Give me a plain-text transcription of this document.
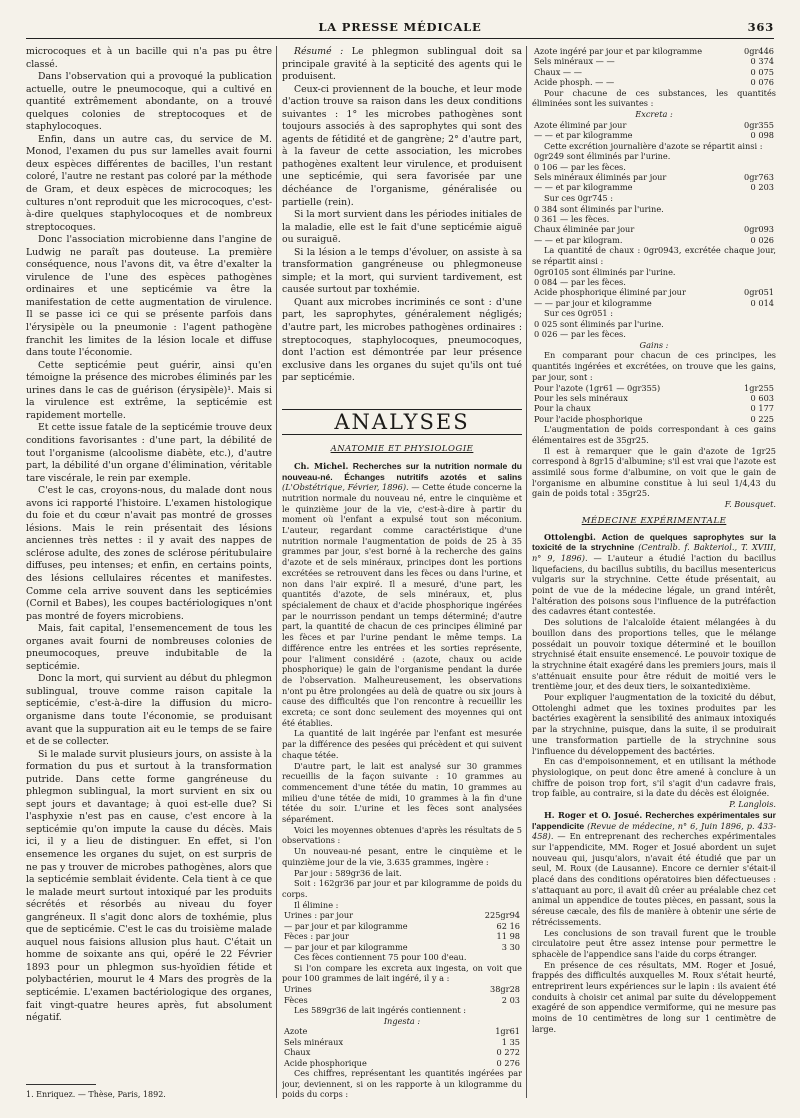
LA PRESSE MÉDICALE	363

microcoques et à un bacille qui n'a pas pu être classé.

Dans l'observation qui a provoqué la publication actuelle, outre le pneumocoque, qui a cultivé en quantité extrêmement abondante, on a trouvé quelques colonies de streptocoques et de staphylocoques.

Enfin, dans un autre cas, du service de M. Monod, l'examen du pus sur lamelles avait fourni deux espèces différentes de bacilles, l'un restant coloré, l'autre ne restant pas coloré par la méthode de Gram, et deux espèces de microcoques; les cultures n'ont reproduit que les microcoques, c'est-à-dire quelques staphylocoques et de nombreux streptocoques.

Donc l'association microbienne dans l'angine de Ludwig ne paraît pas douteuse. La première conséquence, nous l'avons dit, va être d'exalter la virulence de l'une des espèces pathogènes ordinaires et une septicémie va être la manifestation de cette augmentation de virulence. Il se passe ici ce qui se présente parfois dans l'érysipèle ou la pneumonie : l'agent pathogène franchit les limites de la lésion locale et diffuse dans toute l'économie.

Cette septicémie peut guérir, ainsi qu'en témoigne la présence des microbes éliminés par les urines dans le cas de guérison (érysipèle)¹. Mais si la virulence est extrême, la septicémie est rapidement mortelle.

Et cette issue fatale de la septicémie trouve deux conditions favorisantes : d'une part, la débilité de tout l'organisme (alcoolisme diabète, etc.), d'autre part, la débilité d'un organe d'élimination, véritable tare viscérale, le rein par exemple.

C'est le cas, croyons-nous, du malade dont nous avons ici rapporté l'histoire. L'examen histologique du foie et du cœur n'avait pas montré de grosses lésions. Mais le rein présentait des lésions anciennes très nettes : il y avait des nappes de sclérose adulte, des zones de sclérose péritubulaire diffuses, peu intenses; et enfin, en certains points, des lésions cellulaires récentes et manifestes. Comme cela arrive souvent dans les septicémies (Cornil et Babes), les coupes bactériologiques n'ont pas montré de foyers microbiens.

Mais, fait capital, l'ensemencement de tous les organes avait fourni de nombreuses colonies de pneumocoques, preuve indubitable de la septicémie.

Donc la mort, qui survient au début du phlegmon sublingual, trouve comme raison capitale la septicémie, c'est-à-dire la diffusion du micro-organisme dans toute l'économie, se produisant avant que la suppuration ait eu le temps de se faire et de se collecter.

Si le malade survit plusieurs jours, on assiste à la formation du pus et surtout à la transformation putride. Dans cette forme gangréneuse du phlegmon sublingual, la mort survient en six ou sept jours et davantage; à quoi est-elle due? Si l'asphyxie n'est pas en cause, c'est encore à la septicémie qu'on impute la cause du décès. Mais ici, il y a lieu de distinguer. En effet, si l'on ensemence les organes du sujet, on est surpris de ne pas y trouver de microbes pathogènes, alors que la septicémie semblait évidente. Cela tient à ce que le malade meurt surtout intoxiqué par les produits sécrétés et résorbés au niveau du foyer gangréneux. Il s'agit donc alors de toxhémie, plus que de septicémie. C'est le cas du troisième malade auquel nous faisions allusion plus haut. C'était un homme de soixante ans qui, opéré le 22 Février 1893 pour un phlegmon sus-hyoïdien fétide et polybactérien, mourut le 4 Mars des progrès de la septicémie. L'examen bactériologique des organes, fait vingt-quatre heures après, fut absolument négatif.

1. Enriquez. — Thèse, Paris, 1892.

Résumé : Le phlegmon sublingual doit sa principale gravité à la septicité des agents qui le produisent.

Ceux-ci proviennent de la bouche, et leur mode d'action trouve sa raison dans les deux conditions suivantes : 1° les microbes pathogènes sont toujours associés à des saprophytes qui sont des agents de fétidité et de gangrène; 2° d'autre part, à la faveur de cette association, les microbes pathogènes exaltent leur virulence, et produisent une septicémie, qui sera favorisée par une déchéance de l'organisme, généralisée ou partielle (rein).

Si la mort survient dans les périodes initiales de la maladie, elle est le fait d'une septicémie aiguë ou suraiguë.

Si la lésion a le temps d'évoluer, on assiste à sa transformation gangréneuse ou phlegmoneuse simple; et la mort, qui survient tardivement, est causée surtout par toxhémie.

Quant aux microbes incriminés ce sont : d'une part, les saprophytes, généralement négligés; d'autre part, les microbes pathogènes ordinaires : streptocoques, staphylocoques, pneumocoques, dont l'action est démontrée par leur présence exclusive dans les organes du sujet qu'ils ont tué par septicémie.

ANALYSES
ANATOMIE ET PHYSIOLOGIE

Ch. Michel. Recherches sur la nutrition normale du nouveau-né. Échanges nutritifs azotés et salins (L'Obstétrique, Février, 1896). — Cette étude concerne la nutrition normale du nouveau né, entre le cinquième et le quinzième jour de la vie, c'est-à-dire à partir du moment où l'enfant a expulsé tout son méconium. L'auteur, regardant comme caractéristique d'une nutrition normale l'augmentation de poids de 25 à 35 grammes par jour, s'est borné à la recherche des gains d'azote et de sels minéraux, principes dont les portions excrétées se retrouvent dans les fèces ou dans l'urine, et non dans l'air expiré. Il a mesuré, d'une part, les quantités d'azote, de sels minéraux, et, plus spécialement de chaux et d'acide phosphorique ingérées par le nourrisson pendant un temps déterminé; d'autre part, la quantité de chacun de ces principes éliminé par les fèces et par l'urine pendant le même temps. La différence entre les entrées et les sorties représente, pour l'aliment considéré : (azote, chaux ou acide phosphorique) le gain de l'organisme pendant la durée de l'observation. Malheureusement, les observations n'ont pu être prolongées au delà de quatre ou six jours à cause des difficultés que l'on rencontre à recueillir les excreta; ce sont donc seulement des moyennes qui ont été établies.

La quantité de lait ingérée par l'enfant est mesurée par la différence des pesées qui précèdent et qui suivent chaque tétée.

D'autre part, le lait est analysé sur 30 grammes recueillis de la façon suivante : 10 grammes au commencement d'une tétée du matin, 10 grammes au milieu d'une tétée de midi, 10 grammes à la fin d'une tétée du soir. L'urine et les fèces sont analysées séparément.

Voici les moyennes obtenues d'après les résultats de 5 observations :

Un nouveau-né pesant, entre le cinquième et le quinzième jour de la vie, 3.635 grammes, ingère :

Par jour : 589gr36 de lait.

Soit : 162gr36 par jour et par kilogramme de poids du corps.

Il élimine :

Urines : par jour	225gr94
— par jour et par kilogramme	62 16
Fèces : par jour	11 98
— par jour et par kilogramme	3 30

Ces fèces contiennent 75 pour 100 d'eau.

Si l'on compare les excreta aux ingesta, on voit que pour 100 grammes de lait ingéré, il y a :

Urines	38gr28
Fèces	2 03

Les 589gr36 de lait ingérés contiennent :

Ingesta :
Azote	1gr61
Sels minéraux	1 35
Chaux	0 272
Acide phosphorique	0 276

Ces chiffres, représentant les quantités ingérées par jour, deviennent, si on les rapporte à un kilogramme du poids du corps :

Azote ingéré par jour et par kilogramme	0gr446
Sels minéraux — —	0 374
Chaux — —	0 075
Acide phosph. — —	0 076

Pour chacune de ces substances, les quantités éliminées sont les suivantes :

Excreta :
Azote éliminé par jour	0gr355
— — et par kilogramme	0 098

Cette excrétion journalière d'azote se répartit ainsi :

0gr249 sont éliminés par l'urine.
0 106 — par les fèces.
Sels minéraux éliminés par jour	0gr763
— — et par kilogramme	0 203

Sur ces 0gr745 :

0 384 sont éliminés par l'urine.
0 361 — les fèces.
Chaux éliminée par jour	0gr093
— — et par kilogram.	0 026

La quantité de chaux : 0gr0943, excrétée chaque jour, se répartit ainsi :

0gr0105 sont éliminés par l'urine.
0 084 — par les fèces.
Acide phosphorique éliminé par jour	0gr051
— — par jour et kilogramme	0 014

Sur ces 0gr051 :

0 025 sont éliminés par l'urine.
0 026 — par les fèces.
Gains :

En comparant pour chacun de ces principes, les quantités ingérées et excrétées, on trouve que les gains, par jour, sont :

Pour l'azote (1gr61 — 0gr355)	1gr255
Pour les sels minéraux	0 603
Pour la chaux	0 177
Pour l'acide phosphorique	0 225

L'augmentation de poids correspondant à ces gains élémentaires est de 35gr25.

Il est à remarquer que le gain d'azote de 1gr25 correspond à 8gr15 d'albumine; s'il est vrai que l'azote est assimilé sous forme d'albumine, on voit que le gain de l'organisme en albumine constitue à lui seul 1/4,43 du gain de poids total : 35gr25.

F. Bousquet.
MÉDECINE EXPÉRIMENTALE

Ottolengbi. Action de quelques saprophytes sur la toxicité de la strychnine (Centralb. f. Bakteriol., T. XVIII, n° 9, 1896). — L'auteur a étudié l'action du bacillus liquefaciens, du bacillus subtilis, du bacillus mesentericus vulgaris sur la strychnine. Cette étude présentait, au point de vue de la médecine légale, un grand intérêt, l'altération des poisons sous l'influence de la putréfaction des cadavres étant contestée.

Des solutions de l'alcaloïde étaient mélangées à du bouillon dans des proportions telles, que le mélange possédait un pouvoir toxique déterminé et le bouillon strychnisé était ensuite ensemencé. Le pouvoir toxique de la strychnine était exagéré dans les premiers jours, mais il s'atténuait ensuite pour être réduit de moitié vers le trentième jour, et des deux tiers, le soixantedixième.

Pour expliquer l'augmentation de la toxicité du début, Ottolenghi admet que les toxines produites par les bactéries exagèrent la sensibilité des animaux intoxiqués par la strychnine, puisque, dans la suite, il se produirait une transformation partielle de la strychnine sous l'influence du développement des bactéries.

En cas d'empoisonnement, et en utilisant la méthode physiologique, on peut donc être amené à conclure à un chiffre de poison trop fort, s'il s'agit d'un cadavre frais, trop faible, au contraire, si la date du décès est éloignée.

P. Langlois.

H. Roger et O. Josué. Recherches expérimentales sur l'appendicite (Revue de médecine, n° 6, Juin 1896, p. 433-458). — En entreprenant des recherches expérimentales sur l'appendicite, MM. Roger et Josué abordent un sujet nouveau qui, jusqu'alors, n'avait été étudié que par un seul, M. Roux (de Lausanne). Encore ce dernier s'était-il placé dans des conditions opératoires bien défectueuses : s'attaquant au porc, il avait dû créer au préalable chez cet animal un appendice de toutes pièces, en passant, sous la séreuse cæcale, des fils de manière à obtenir une série de rétrécissements.

Les conclusions de son travail furent que le trouble circulatoire peut être assez intense pour permettre le sphacèle de l'appendice sans l'aide du corps étranger.

En présence de ces résultats, MM. Roger et Josué, frappés des difficultés auxquelles M. Roux s'était heurté, entreprirent leurs expériences sur le lapin : ils avaient été conduits à choisir cet animal par suite du développement exagéré de son appendice vermiforme, qui ne mesure pas moins de 10 centimètres de long sur 1 centimètre de large.
